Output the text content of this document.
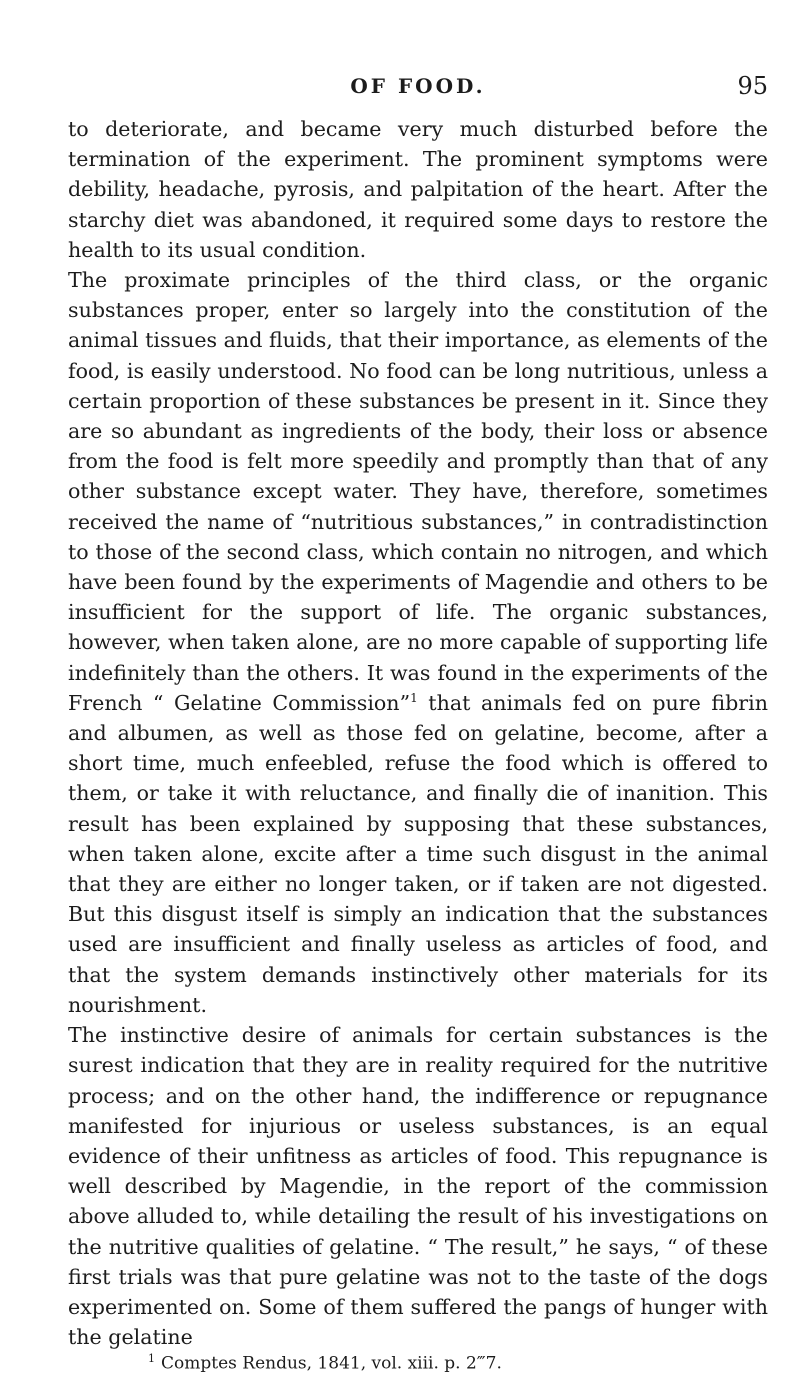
OF FOOD.	95

to deteriorate, and became very much disturbed before the termination of the experiment. The prominent symptoms were debility, headache, pyrosis, and palpitation of the heart. After the starchy diet was abandoned, it required some days to restore the health to its usual condition.

The proximate principles of the third class, or the organic substances proper, enter so largely into the constitution of the animal tissues and fluids, that their importance, as elements of the food, is easily understood. No food can be long nutritious, unless a certain proportion of these substances be present in it. Since they are so abundant as ingredients of the body, their loss or absence from the food is felt more speedily and promptly than that of any other substance except water. They have, therefore, sometimes received the name of “nutritious substances,” in contradistinction to those of the second class, which contain no nitrogen, and which have been found by the experiments of Magendie and others to be insufficient for the support of life. The organic substances, however, when taken alone, are no more capable of supporting life indefinitely than the others. It was found in the experiments of the French “ Gelatine Commission”$^1$ that animals fed on pure fibrin and albumen, as well as those fed on gelatine, become, after a short time, much enfeebled, refuse the food which is offered to them, or take it with reluctance, and finally die of inanition. This result has been explained by supposing that these substances, when taken alone, excite after a time such disgust in the animal that they are either no longer taken, or if taken are not digested. But this disgust itself is simply an indication that the substances used are insufficient and finally useless as articles of food, and that the system demands instinctively other materials for its nourishment.

The instinctive desire of animals for certain substances is the surest indication that they are in reality required for the nutritive process; and on the other hand, the indifference or repugnance manifested for injurious or useless substances, is an equal evidence of their unfitness as articles of food. This repugnance is well described by Magendie, in the report of the commission above alluded to, while detailing the result of his investigations on the nutritive qualities of gelatine. “ The result,” he says, “ of these first trials was that pure gelatine was not to the taste of the dogs experimented on. Some of them suffered the pangs of hunger with the gelatine

$^1$ Comptes Rendus, 1841, vol. xiii. p. 2‴7.
